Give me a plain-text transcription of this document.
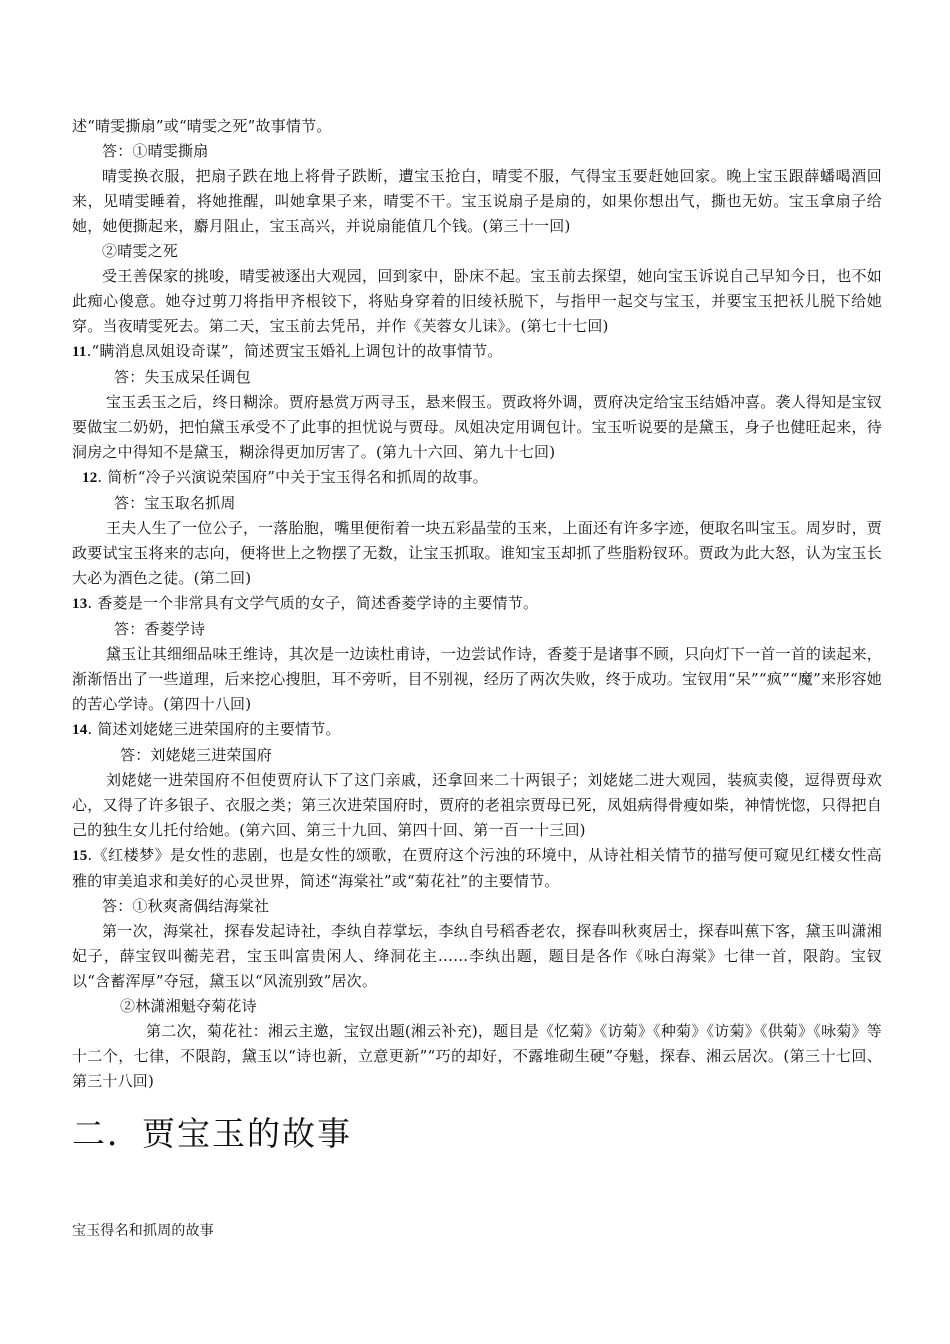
述“晴雯撕扇”或“晴雯之死”故事情节。

答：①晴雯撕扇

晴雯换衣服，把扇子跌在地上将骨子跌断，遭宝玉抢白，晴雯不服，气得宝玉要赶她回家。晚上宝玉跟薛蟠喝酒回来，见晴雯睡着，将她推醒，叫她拿果子来，晴雯不干。宝玉说扇子是扇的，如果你想出气，撕也无妨。宝玉拿扇子给她，她便撕起来，麝月阻止，宝玉高兴，并说扇能值几个钱。(第三十一回)

②晴雯之死

受王善保家的挑唆，晴雯被逐出大观园，回到家中，卧床不起。宝玉前去探望，她向宝玉诉说自己早知今日，也不如此痴心傻意。她夺过剪刀将指甲齐根铰下，将贴身穿着的旧绫袄脱下，与指甲一起交与宝玉，并要宝玉把袄儿脱下给她穿。当夜晴雯死去。第二天，宝玉前去凭吊，并作《芙蓉女儿诔》。(第七十七回)

11.“瞒消息凤姐设奇谋”，简述贾宝玉婚礼上调包计的故事情节。

答：失玉成呆任调包

宝玉丢玉之后，终日糊涂。贾府悬赏万两寻玉，悬来假玉。贾政将外调，贾府决定给宝玉结婚冲喜。袭人得知是宝钗要做宝二奶奶，把怕黛玉承受不了此事的担忧说与贾母。凤姐决定用调包计。宝玉听说要的是黛玉，身子也健旺起来，待洞房之中得知不是黛玉，糊涂得更加厉害了。(第九十六回、第九十七回)

12. 简析“冷子兴演说荣国府”中关于宝玉得名和抓周的故事。

答：宝玉取名抓周

王夫人生了一位公子，一落胎胞，嘴里便衔着一块五彩晶莹的玉来，上面还有许多字迹，便取名叫宝玉。周岁时，贾政要试宝玉将来的志向，便将世上之物摆了无数，让宝玉抓取。谁知宝玉却抓了些脂粉钗环。贾政为此大怒，认为宝玉长大必为酒色之徒。(第二回)

13. 香菱是一个非常具有文学气质的女子，简述香菱学诗的主要情节。

答：香菱学诗

黛玉让其细细品味王维诗，其次是一边读杜甫诗，一边尝试作诗，香菱于是诸事不顾，只向灯下一首一首的读起来，渐渐悟出了一些道理，后来挖心搜胆，耳不旁听，目不别视，经历了两次失败，终于成功。宝钗用“呆”“疯”“魔”来形容她的苦心学诗。(第四十八回)

14. 简述刘姥姥三进荣国府的主要情节。

答：刘姥姥三进荣国府

刘姥姥一进荣国府不但使贾府认下了这门亲戚，还拿回来二十两银子；刘姥姥二进大观园，装疯卖傻，逗得贾母欢心，又得了许多银子、衣服之类；第三次进荣国府时，贾府的老祖宗贾母已死，凤姐病得骨瘦如柴，神情恍惚，只得把自己的独生女儿托付给她。(第六回、第三十九回、第四十回、第一百一十三回)

15.《红楼梦》是女性的悲剧，也是女性的颂歌，在贾府这个污浊的环境中，从诗社相关情节的描写便可窥见红楼女性高雅的审美追求和美好的心灵世界，简述“海棠社”或“菊花社”的主要情节。

答：①秋爽斋偶结海棠社

第一次，海棠社，探春发起诗社，李纨自荐掌坛，李纨自号稻香老农，探春叫秋爽居士，探春叫蕉下客，黛玉叫潇湘妃子，薛宝钗叫蘅芜君，宝玉叫富贵闲人、绛洞花主……李纨出题，题目是各作《咏白海棠》七律一首，限韵。宝钗以“含蓄浑厚”夺冠，黛玉以“风流别致”居次。

②林潇湘魁夺菊花诗

第二次，菊花社：湘云主邀，宝钗出题(湘云补充)，题目是《忆菊》《访菊》《种菊》《访菊》《供菊》《咏菊》等十二个，七律，不限韵，黛玉以“诗也新，立意更新”“巧的却好，不露堆砌生硬”夺魁，探春、湘云居次。(第三十七回、第三十八回)

二．贾宝玉的故事

宝玉得名和抓周的故事
